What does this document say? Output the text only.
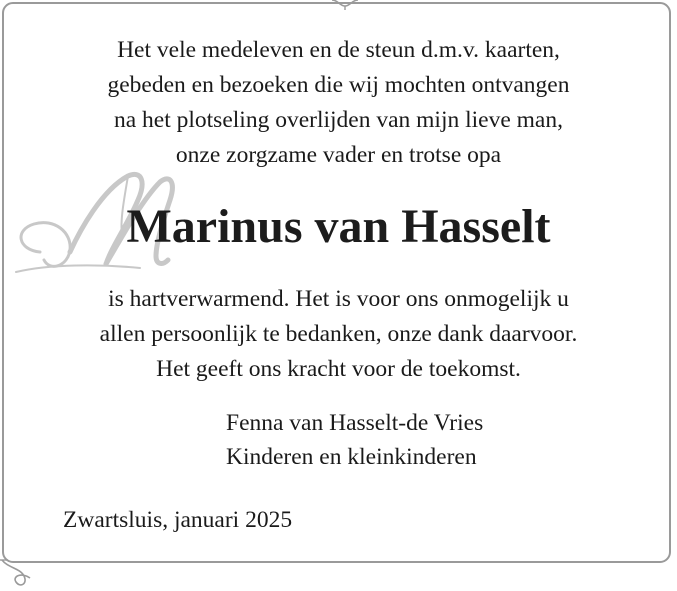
Het vele medeleven en de steun d.m.v. kaarten,
gebeden en bezoeken die wij mochten ontvangen
na het plotseling overlijden van mijn lieve man,
onze zorgzame vader en trotse opa

Marinus van Hasselt

is hartverwarmend. Het is voor ons onmogelijk u
allen persoonlijk te bedanken, onze dank daarvoor.
Het geeft ons kracht voor de toekomst.

Fenna van Hasselt-de Vries
Kinderen en kleinkinderen

Zwartsluis, januari 2025
